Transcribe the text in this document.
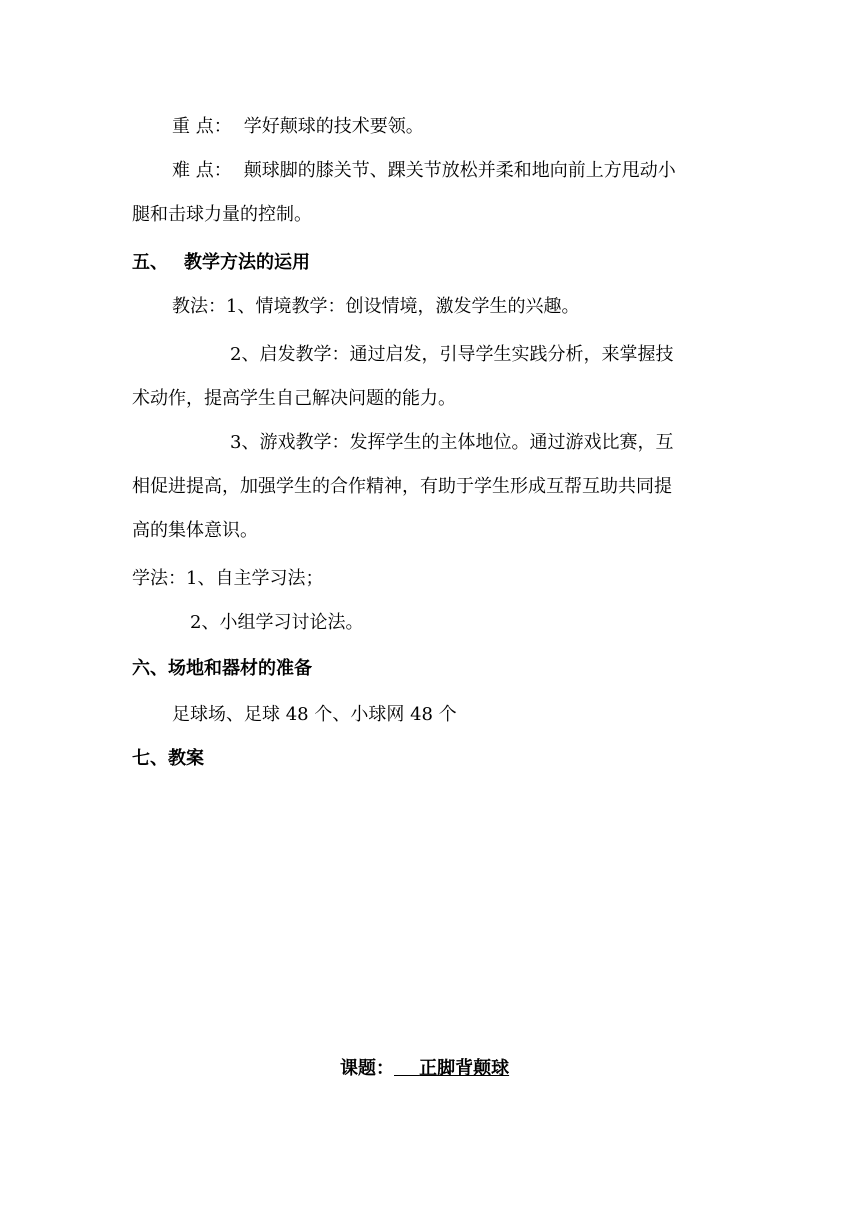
重 点： 学好颠球的技术要领。

难 点： 颠球脚的膝关节、踝关节放松并柔和地向前上方甩动小

腿和击球力量的控制。

五、 教学方法的运用

教法：1、情境教学：创设情境，激发学生的兴趣。

2、启发教学：通过启发，引导学生实践分析，来掌握技

术动作，提高学生自己解决问题的能力。

3、游戏教学：发挥学生的主体地位。通过游戏比赛，互

相促进提高，加强学生的合作精神，有助于学生形成互帮互助共同提

高的集体意识。

学法：1、自主学习法；

2、小组学习讨论法。

六、场地和器材的准备

足球场、足球 48 个、小球网 48 个

七、教案

课题： 正脚背颠球
